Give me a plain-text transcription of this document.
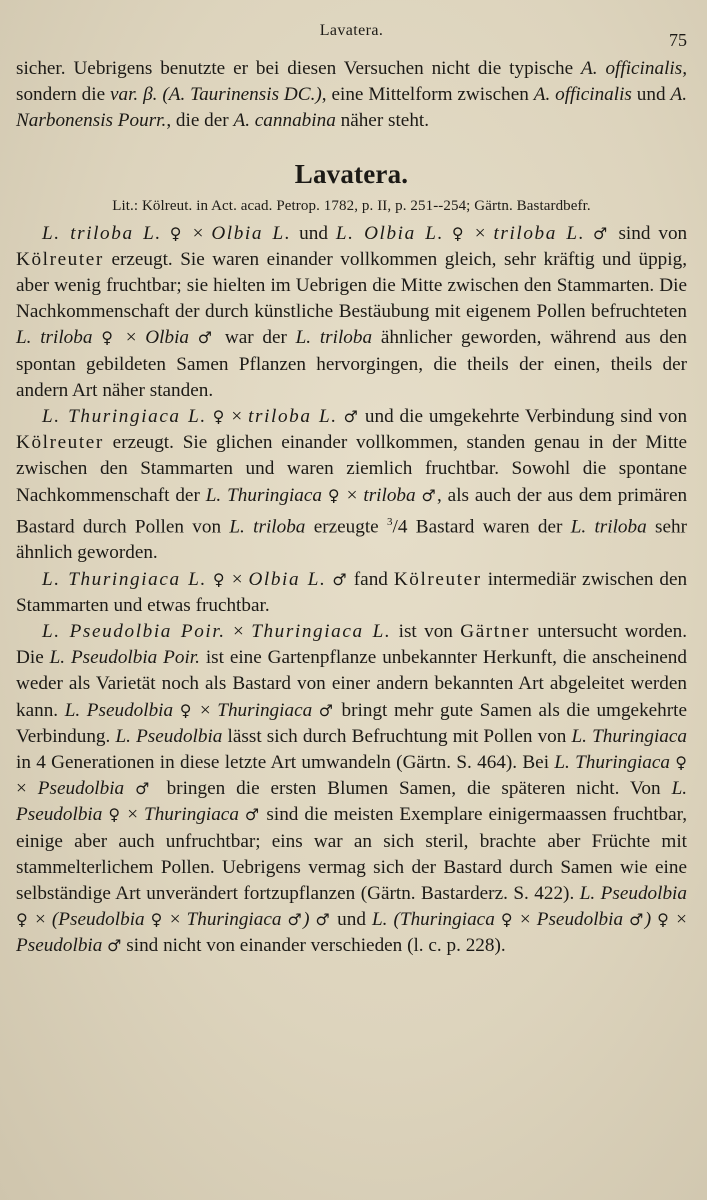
Lavatera.	75

sicher. Uebrigens benutzte er bei diesen Versuchen nicht die typische A. officinalis, sondern die var. β. (A. Taurinensis DC.), eine Mittelform zwischen A. officinalis und A. Narbonensis Pourr., die der A. cannabina näher steht.

Lavatera.
Lit.: Kölreut. in Act. acad. Petrop. 1782, p. II, p. 251--254; Gärtn. Bastardbefr.

L. triloba L. ♀ × Olbia L. und L. Olbia L. ♀ × triloba L. ♂ sind von Kölreuter erzeugt. Sie waren einander vollkommen gleich, sehr kräftig und üppig, aber wenig fruchtbar; sie hielten im Uebrigen die Mitte zwischen den Stammarten. Die Nachkommenschaft der durch künstliche Bestäubung mit eigenem Pollen befruchteten L. triloba ♀ × Olbia ♂ war der L. triloba ähnlicher geworden, während aus den spontan gebildeten Samen Pflanzen hervorgingen, die theils der einen, theils der andern Art näher standen.

L. Thuringiaca L. ♀ × triloba L. ♂ und die umgekehrte Verbindung sind von Kölreuter erzeugt. Sie glichen einander vollkommen, standen genau in der Mitte zwischen den Stammarten und waren ziemlich fruchtbar. Sowohl die spontane Nachkommenschaft der L. Thuringiaca ♀ × triloba ♂, als auch der aus dem primären Bastard durch Pollen von L. triloba erzeugte $^3$/4 Bastard waren der L. triloba sehr ähnlich geworden.

L. Thuringiaca L. ♀ × Olbia L. ♂ fand Kölreuter intermediär zwischen den Stammarten und etwas fruchtbar.

L. Pseudolbia Poir. × Thuringiaca L. ist von Gärtner untersucht worden. Die L. Pseudolbia Poir. ist eine Gartenpflanze unbekannter Herkunft, die anscheinend weder als Varietät noch als Bastard von einer andern bekannten Art abgeleitet werden kann. L. Pseudolbia ♀ × Thuringiaca ♂ bringt mehr gute Samen als die umgekehrte Verbindung. L. Pseudolbia lässt sich durch Befruchtung mit Pollen von L. Thuringiaca in 4 Generationen in diese letzte Art umwandeln (Gärtn. S. 464). Bei L. Thuringiaca ♀ × Pseudolbia ♂ bringen die ersten Blumen Samen, die späteren nicht. Von L. Pseudolbia ♀ × Thuringiaca ♂ sind die meisten Exemplare einigermaassen fruchtbar, einige aber auch unfruchtbar; eins war an sich steril, brachte aber Früchte mit stammelterlichem Pollen. Uebrigens vermag sich der Bastard durch Samen wie eine selbständige Art unverändert fortzupflanzen (Gärtn. Bastarderz. S. 422). L. Pseudolbia ♀ × (Pseudolbia ♀ × Thuringiaca ♂) ♂ und L. (Thuringiaca ♀ × Pseudolbia ♂) ♀ × Pseudolbia ♂ sind nicht von einander verschieden (l. c. p. 228).
